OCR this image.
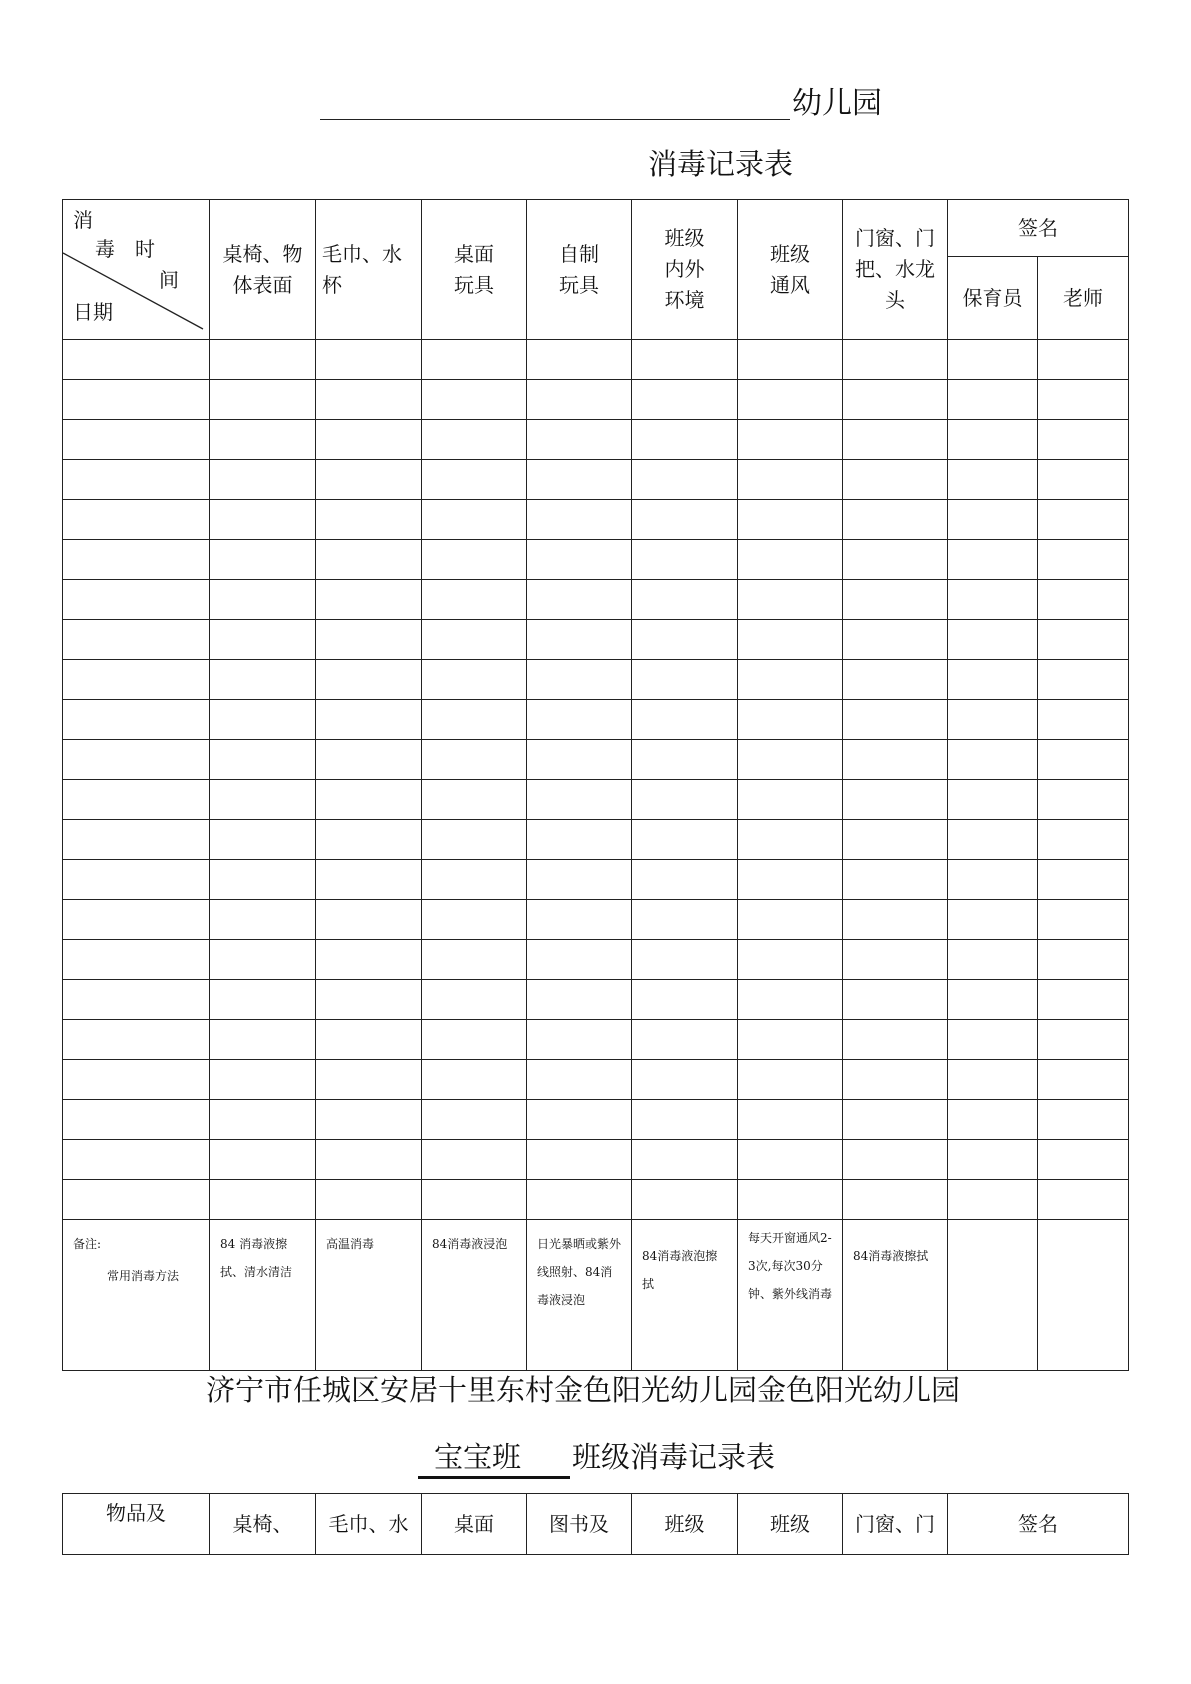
幼儿园
消毒记录表
消
毒 时
间
日期	桌椅、物体表面	毛巾、水杯	桌面玩具	自制玩具	班级内外环境	班级通风	门窗、门把、水龙头	签名	
								保育员	老师

备注:
常用消毒方法	84 消毒液擦拭、清水清洁	高温消毒	84消毒液浸泡	日光暴晒或紫外线照射、84消毒液浸泡	84消毒液泡擦拭	每天开窗通风2-3次,每次30分钟、紫外线消毒	84消毒液擦拭		
济宁市任城区安居十里东村金色阳光幼儿园金色阳光幼儿园
宝宝班 班级消毒记录表
物品及	桌椅、	毛巾、水	桌面	图书及	班级	班级	门窗、门	签名
